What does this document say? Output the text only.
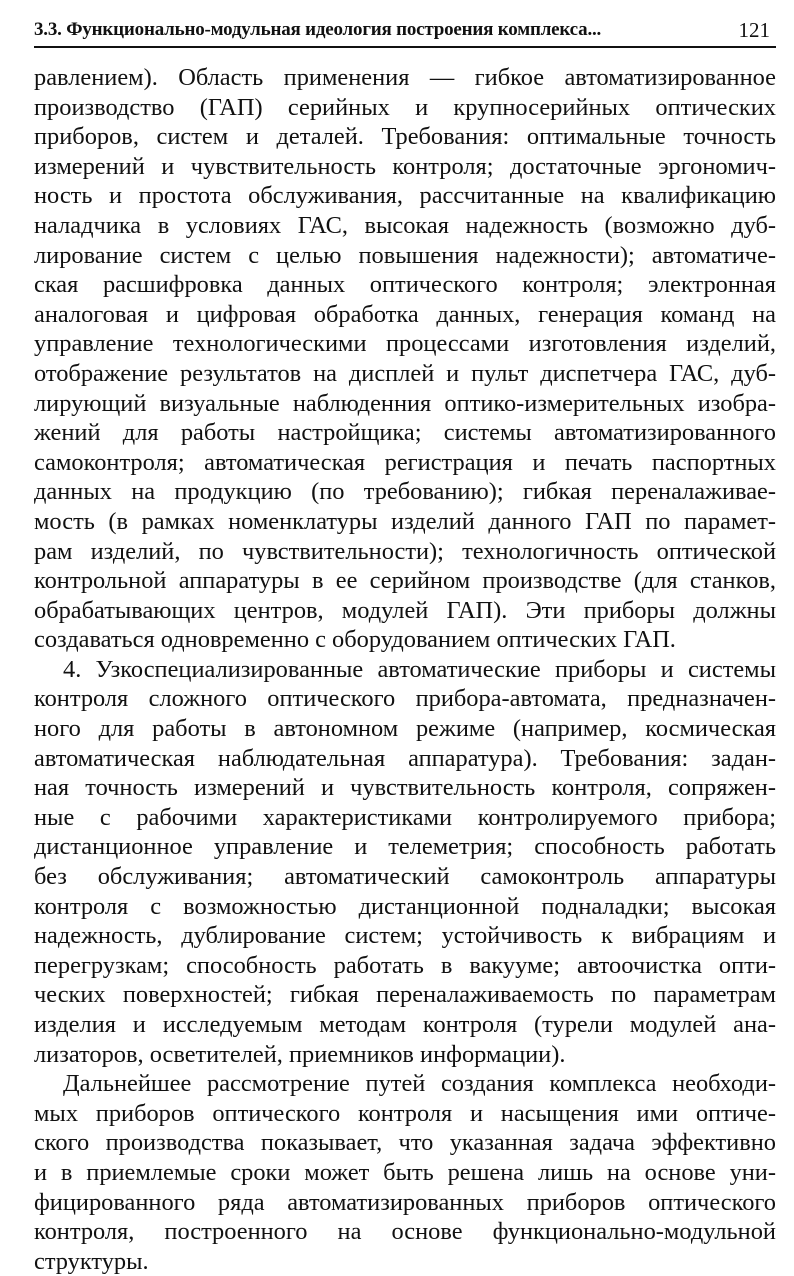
3.3. Функционально-модульная идеология построения комплекса...	121
равлением). Область применения — гибкое автоматизированное
производство (ГАП) серийных и крупносерийных оптических
приборов, систем и деталей. Требования: оптимальные точность
измерений и чувствительность контроля; достаточные эргономич-
ность и простота обслуживания, рассчитанные на квалификацию
наладчика в условиях ГАС, высокая надежность (возможно дуб-
лирование систем с целью повышения надежности); автоматиче-
ская расшифровка данных оптического контроля; электронная
аналоговая и цифровая обработка данных, генерация команд на
управление технологическими процессами изготовления изделий,
отображение результатов на дисплей и пульт диспетчера ГАС, дуб-
лирующий визуальные наблюденния оптико-измерительных изобра-
жений для работы настройщика; системы автоматизированного
самоконтроля; автоматическая регистрация и печать паспортных
данных на продукцию (по требованию); гибкая переналаживае-
мость (в рамках номенклатуры изделий данного ГАП по парамет-
рам изделий, по чувствительности); технологичность оптической
контрольной аппаратуры в ее серийном производстве (для станков,
обрабатывающих центров, модулей ГАП). Эти приборы должны
создаваться одновременно с оборудованием оптических ГАП.
4. Узкоспециализированные автоматические приборы и системы
контроля сложного оптического прибора-автомата, предназначен-
ного для работы в автономном режиме (например, космическая
автоматическая наблюдательная аппаратура). Требования: задан-
ная точность измерений и чувствительность контроля, сопряжен-
ные с рабочими характеристиками контролируемого прибора;
дистанционное управление и телеметрия; способность работать
без обслуживания; автоматический самоконтроль аппаратуры
контроля с возможностью дистанционной подналадки; высокая
надежность, дублирование систем; устойчивость к вибрациям и
перегрузкам; способность работать в вакууме; автоочистка опти-
ческих поверхностей; гибкая переналаживаемость по параметрам
изделия и исследуемым методам контроля (турели модулей ана-
лизаторов, осветителей, приемников информации).
Дальнейшее рассмотрение путей создания комплекса необходи-
мых приборов оптического контроля и насыщения ими оптиче-
ского производства показывает, что указанная задача эффективно
и в приемлемые сроки может быть решена лишь на основе уни-
фицированного ряда автоматизированных приборов оптического
контроля, построенного на основе функционально-модульной
структуры.
